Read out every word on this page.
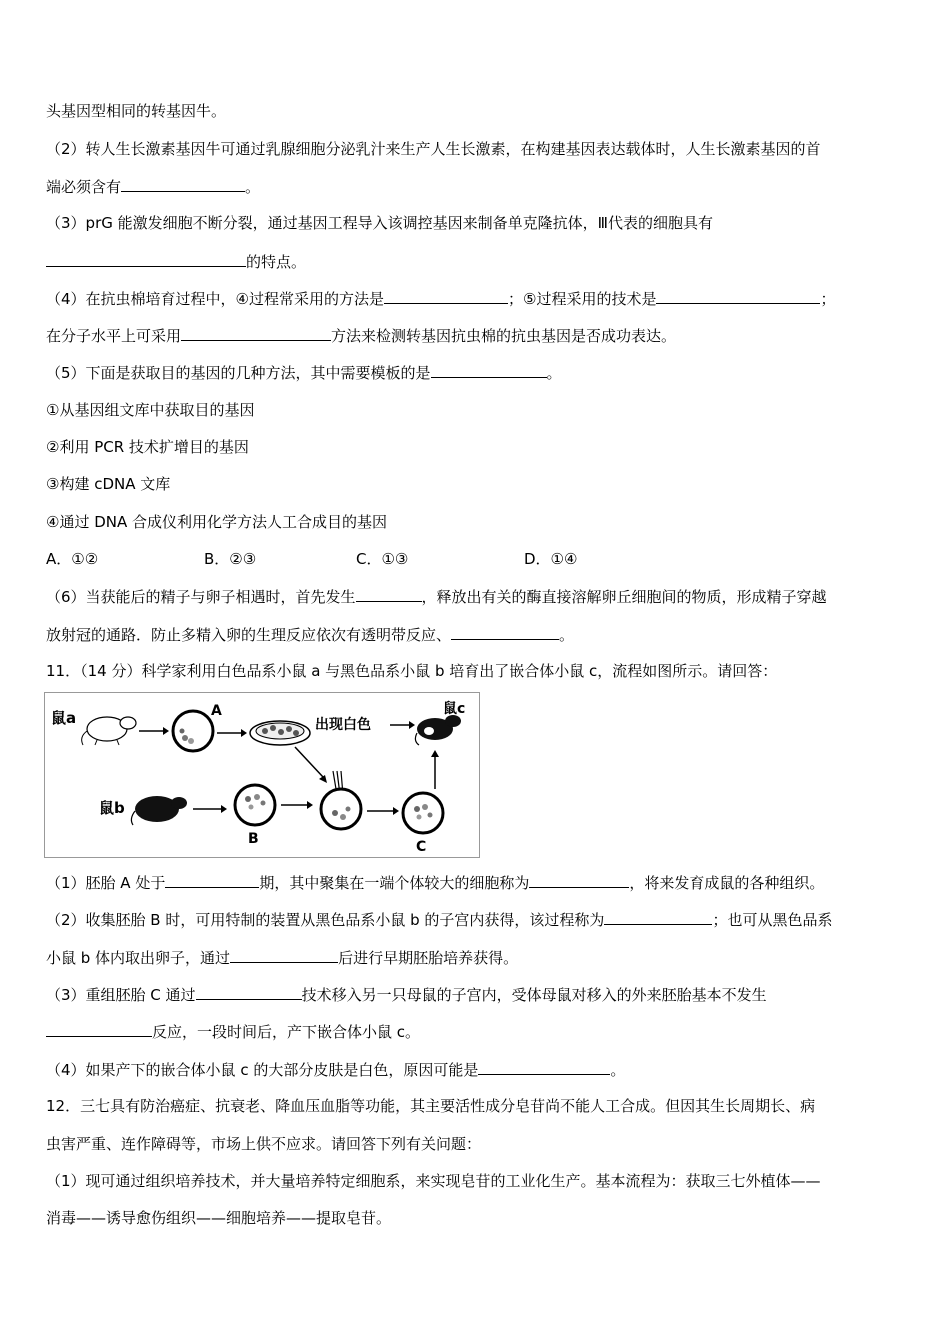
头基因型相同的转基因牛。
（2）转人生长激素基因牛可通过乳腺细胞分泌乳汁来生产人生长激素，在构建基因表达载体时，人生长激素基因的首
端必须含有	。
（3）prG 能激发细胞不断分裂，通过基因工程导入该调控基因来制备单克隆抗体，Ⅲ代表的细胞具有
的特点。
（4）在抗虫棉培育过程中，④过程常采用的方法是	；⑤过程采用的技术是	；
在分子水平上可采用	方法来检测转基因抗虫棉的抗虫基因是否成功表达。
（5）下面是获取目的基因的几种方法，其中需要模板的是	。
①从基因组文库中获取目的基因
②利用 PCR 技术扩增目的基因
③构建 cDNA 文库
④通过 DNA 合成仪利用化学方法人工合成目的基因
A．①②	B．②③	C．①③	D．①④
（6）当获能后的精子与卵子相遇时，首先发生	，释放出有关的酶直接溶解卵丘细胞间的物质，形成精子穿越
放射冠的通路．防止多精入卵的生理反应依次有透明带反应、	。
11．（14 分）科学家利用白色品系小鼠 a 与黑色品系小鼠 b 培育出了嵌合体小鼠 c，流程如图所示。请回答：
鼠a	A
出现白色
鼠c
鼠b
B	C
（1）胚胎 A 处于	期，其中聚集在一端个体较大的细胞称为	，将来发育成鼠的各种组织。
（2）收集胚胎 B 时，可用特制的装置从黑色品系小鼠 b 的子宫内获得，该过程称为	；也可从黑色品系
小鼠 b 体内取出卵子，通过	后进行早期胚胎培养获得。
（3）重组胚胎 C 通过	技术移入另一只母鼠的子宫内，受体母鼠对移入的外来胚胎基本不发生
反应，一段时间后，产下嵌合体小鼠 c。
（4）如果产下的嵌合体小鼠 c 的大部分皮肤是白色，原因可能是	。
12．三七具有防治癌症、抗衰老、降血压血脂等功能，其主要活性成分皂苷尚不能人工合成。但因其生长周期长、病
虫害严重、连作障碍等，市场上供不应求。请回答下列有关问题：
（1）现可通过组织培养技术，并大量培养特定细胞系，来实现皂苷的工业化生产。基本流程为：获取三七外植体——
消毒——诱导愈伤组织——细胞培养——提取皂苷。
